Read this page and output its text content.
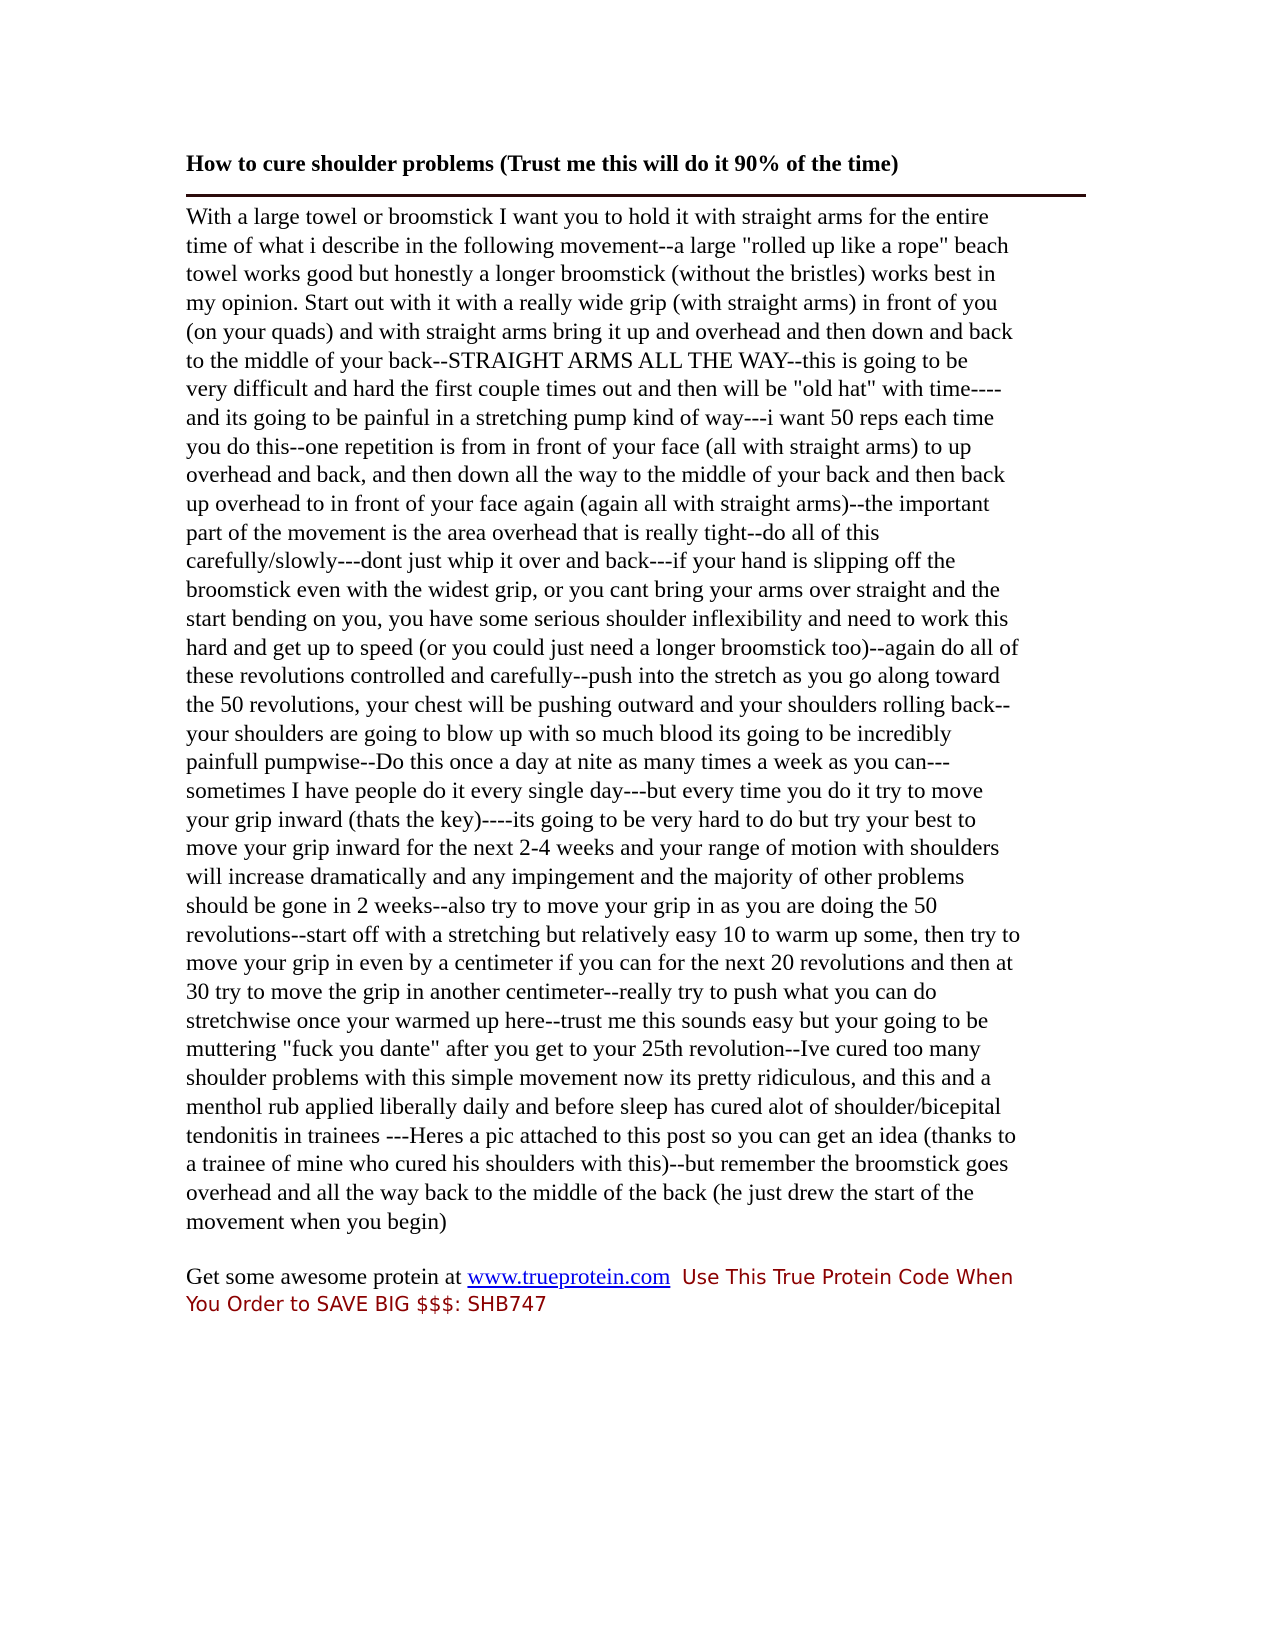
How to cure shoulder problems (Trust me this will do it 90% of the time)
With a large towel or broomstick I want you to hold it with straight arms for the entire
time of what i describe in the following movement--a large "rolled up like a rope" beach
towel works good but honestly a longer broomstick (without the bristles) works best in
my opinion. Start out with it with a really wide grip (with straight arms) in front of you
(on your quads) and with straight arms bring it up and overhead and then down and back
to the middle of your back--STRAIGHT ARMS ALL THE WAY--this is going to be
very difficult and hard the first couple times out and then will be "old hat" with time----
and its going to be painful in a stretching pump kind of way---i want 50 reps each time
you do this--one repetition is from in front of your face (all with straight arms) to up
overhead and back, and then down all the way to the middle of your back and then back
up overhead to in front of your face again (again all with straight arms)--the important
part of the movement is the area overhead that is really tight--do all of this
carefully/slowly---dont just whip it over and back---if your hand is slipping off the
broomstick even with the widest grip, or you cant bring your arms over straight and the
start bending on you, you have some serious shoulder inflexibility and need to work this
hard and get up to speed (or you could just need a longer broomstick too)--again do all of
these revolutions controlled and carefully--push into the stretch as you go along toward
the 50 revolutions, your chest will be pushing outward and your shoulders rolling back--
your shoulders are going to blow up with so much blood its going to be incredibly
painfull pumpwise--Do this once a day at nite as many times a week as you can---
sometimes I have people do it every single day---but every time you do it try to move
your grip inward (thats the key)----its going to be very hard to do but try your best to
move your grip inward for the next 2-4 weeks and your range of motion with shoulders
will increase dramatically and any impingement and the majority of other problems
should be gone in 2 weeks--also try to move your grip in as you are doing the 50
revolutions--start off with a stretching but relatively easy 10 to warm up some, then try to
move your grip in even by a centimeter if you can for the next 20 revolutions and then at
30 try to move the grip in another centimeter--really try to push what you can do
stretchwise once your warmed up here--trust me this sounds easy but your going to be
muttering "fuck you dante" after you get to your 25th revolution--Ive cured too many
shoulder problems with this simple movement now its pretty ridiculous, and this and a
menthol rub applied liberally daily and before sleep has cured alot of shoulder/bicepital
tendonitis in trainees ---Heres a pic attached to this post so you can get an idea (thanks to
a trainee of mine who cured his shoulders with this)--but remember the broomstick goes
overhead and all the way back to the middle of the back (he just drew the start of the
movement when you begin)
Get some awesome protein at www.trueprotein.com Use This True Protein Code When
You Order to SAVE BIG $$$: SHB747
